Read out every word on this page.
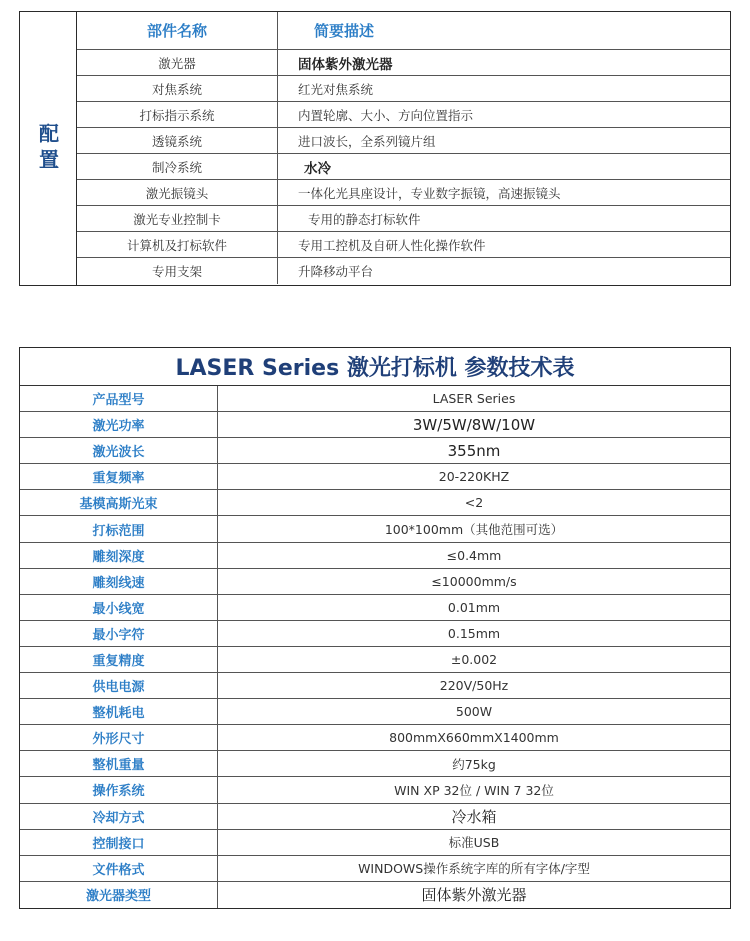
配置
部件名称	简要描述
激光器	固体紫外激光器
对焦系统	红光对焦系统
打标指示系统	内置轮廓、大小、方向位置指示
透镜系统	进口波长，全系列镜片组
制冷系统	水冷
激光振镜头	一体化光具座设计，专业数字振镜，高速振镜头
激光专业控制卡	专用的静态打标软件
计算机及打标软件	专用工控机及自研人性化操作软件
专用支架	升降移动平台
LASER Series 激光打标机 参数技术表
产品型号	LASER Series
激光功率	3W/5W/8W/10W
激光波长	355nm
重复频率	20-220KHZ
基模高斯光束	<2
打标范围	100*100mm（其他范围可选）
雕刻深度	≤0.4mm
雕刻线速	≤10000mm/s
最小线宽	0.01mm
最小字符	0.15mm
重复精度	±0.002
供电电源	220V/50Hz
整机耗电	500W
外形尺寸	800mmX660mmX1400mm
整机重量	约75kg
操作系统	WIN XP 32位 / WIN 7 32位
冷却方式	冷水箱
控制接口	标准USB
文件格式	WINDOWS操作系统字库的所有字体/字型
激光器类型	固体紫外激光器
